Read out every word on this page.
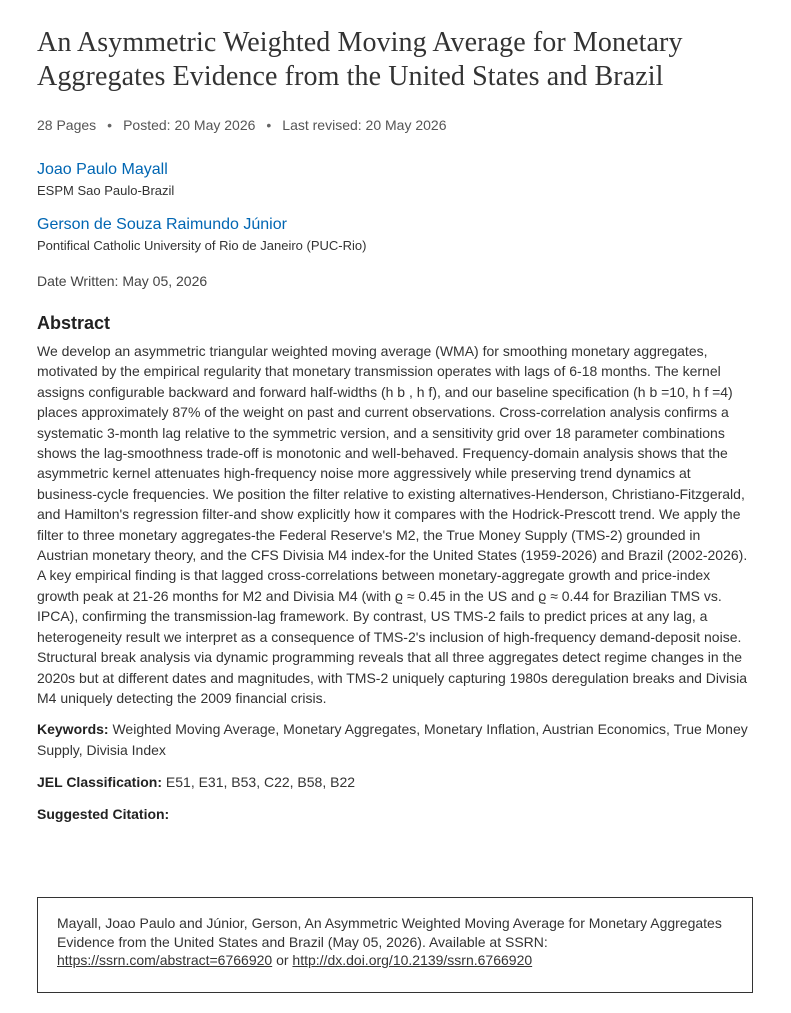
An Asymmetric Weighted Moving Average for Monetary Aggregates Evidence from the United States and Brazil
28 Pages • Posted: 20 May 2026 • Last revised: 20 May 2026
Joao Paulo Mayall
ESPM Sao Paulo-Brazil
Gerson de Souza Raimundo Júnior
Pontifical Catholic University of Rio de Janeiro (PUC-Rio)
Date Written: May 05, 2026
Abstract
We develop an asymmetric triangular weighted moving average (WMA) for smoothing monetary aggregates, motivated by the empirical regularity that monetary transmission operates with lags of 6-18 months. The kernel assigns configurable backward and forward half-widths (h b , h f), and our baseline specification (h b =10, h f =4) places approximately 87% of the weight on past and current observations. Cross-correlation analysis confirms a systematic 3-month lag relative to the symmetric version, and a sensitivity grid over 18 parameter combinations shows the lag-smoothness trade-off is monotonic and well-behaved. Frequency-domain analysis shows that the asymmetric kernel attenuates high-frequency noise more aggressively while preserving trend dynamics at business-cycle frequencies. We position the filter relative to existing alternatives-Henderson, Christiano-Fitzgerald, and Hamilton's regression filter-and show explicitly how it compares with the Hodrick-Prescott trend. We apply the filter to three monetary aggregates-the Federal Reserve's M2, the True Money Supply (TMS-2) grounded in Austrian monetary theory, and the CFS Divisia M4 index-for the United States (1959-2026) and Brazil (2002-2026). A key empirical finding is that lagged cross-correlations between monetary-aggregate growth and price-index growth peak at 21-26 months for M2 and Divisia M4 (with ϱ ≈ 0.45 in the US and ϱ ≈ 0.44 for Brazilian TMS vs. IPCA), confirming the transmission-lag framework. By contrast, US TMS-2 fails to predict prices at any lag, a heterogeneity result we interpret as a consequence of TMS-2's inclusion of high-frequency demand-deposit noise. Structural break analysis via dynamic programming reveals that all three aggregates detect regime changes in the 2020s but at different dates and magnitudes, with TMS-2 uniquely capturing 1980s deregulation breaks and Divisia M4 uniquely detecting the 2009 financial crisis.
Keywords: Weighted Moving Average, Monetary Aggregates, Monetary Inflation, Austrian Economics, True Money Supply, Divisia Index
JEL Classification: E51, E31, B53, C22, B58, B22
Suggested Citation:
Mayall, Joao Paulo and Júnior, Gerson, An Asymmetric Weighted Moving Average for Monetary Aggregates Evidence from the United States and Brazil (May 05, 2026). Available at SSRN:
https://ssrn.com/abstract=6766920 or http://dx.doi.org/10.2139/ssrn.6766920
